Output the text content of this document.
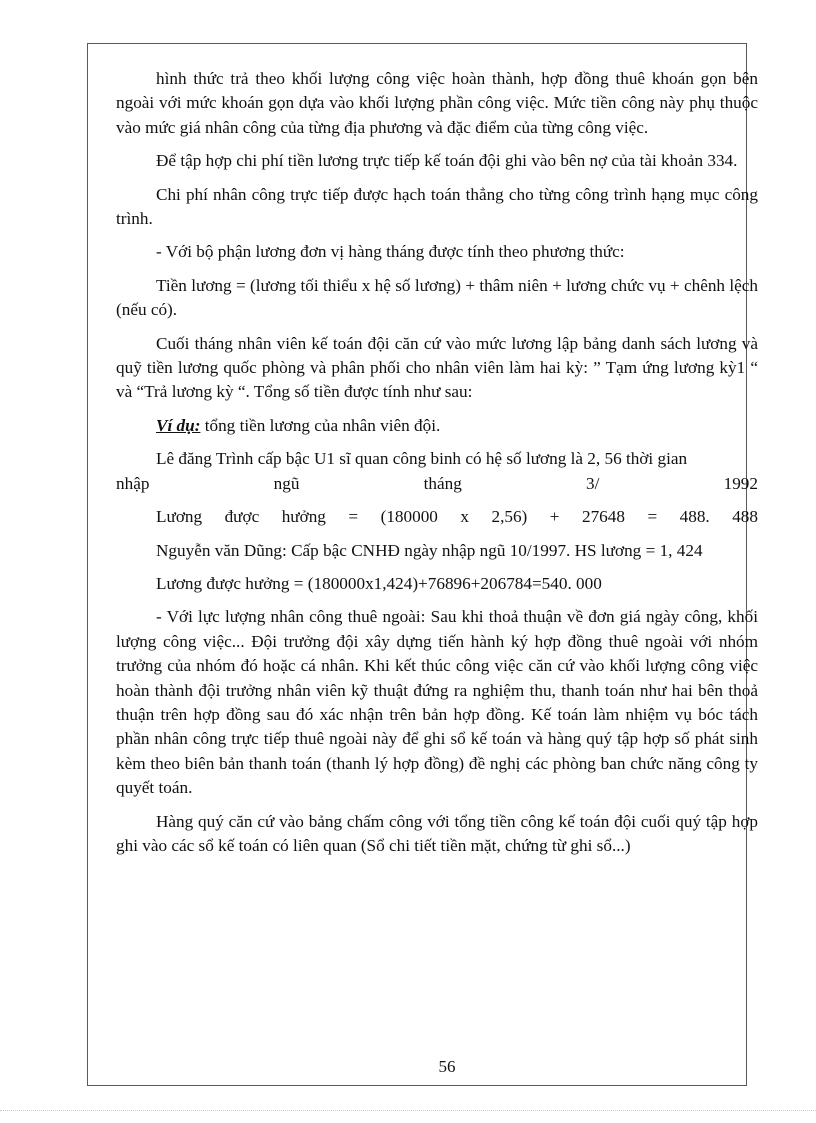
hình thức trả theo khối lượng công việc hoàn thành, hợp đồng thuê khoán gọn bên ngoài với mức khoán gọn dựa vào khối lượng phần công việc. Mức tiền công này phụ thuộc vào mức giá nhân công của từng địa phương và đặc điểm của từng công việc.

Để tập hợp chi phí tiền lương trực tiếp kế toán đội ghi vào bên nợ của tài khoản 334.

Chi phí nhân công trực tiếp được hạch toán thẳng cho từng công trình hạng mục công trình.

- Với bộ phận lương đơn vị hàng tháng được tính theo phương thức:

Tiền lương = (lương tối thiểu x hệ số lương) + thâm niên + lương chức vụ + chênh lệch (nếu có).

Cuối tháng nhân viên kế toán đội căn cứ vào mức lương lập bảng danh sách lương và quỹ tiền lương quốc phòng và phân phối cho nhân viên làm hai kỳ: ” Tạm ứng lương kỳ1 “ và “Trả lương kỳ “. Tổng số tiền được tính như sau:

Ví dụ: tổng tiền lương của nhân viên đội.

Lê đăng Trình cấp bậc U1 sĩ quan công binh có hệ số lương là 2, 56 thời gian

nhập ngũ tháng 3/ 1992

Lương được hưởng = (180000 x 2,56) + 27648 = 488. 488

Nguyễn văn Dũng: Cấp bậc CNHĐ ngày nhập ngũ 10/1997. HS lương = 1, 424

Lương được hưởng = (180000x1,424)+76896+206784=540. 000

- Với lực lượng nhân công thuê ngoài: Sau khi thoả thuận về đơn giá ngày công, khối lượng công việc... Đội trưởng đội xây dựng tiến hành ký hợp đồng thuê ngoài với nhóm trưởng của nhóm đó hoặc cá nhân. Khi kết thúc công việc căn cứ vào khối lượng công việc hoàn thành đội trưởng nhân viên kỹ thuật đứng ra nghiệm thu, thanh toán như hai bên thoả thuận trên hợp đồng sau đó xác nhận trên bản hợp đồng. Kế toán làm nhiệm vụ bóc tách phần nhân công trực tiếp thuê ngoài này để ghi sổ kế toán và hàng quý tập hợp số phát sinh kèm theo biên bản thanh toán (thanh lý hợp đồng) đề nghị các phòng ban chức năng công ty quyết toán.

Hàng quý căn cứ vào bảng chấm công với tổng tiền công kế toán đội cuối quý tập hợp ghi vào các sổ kế toán có liên quan (Sổ chi tiết tiền mặt, chứng từ ghi sổ...)

56
